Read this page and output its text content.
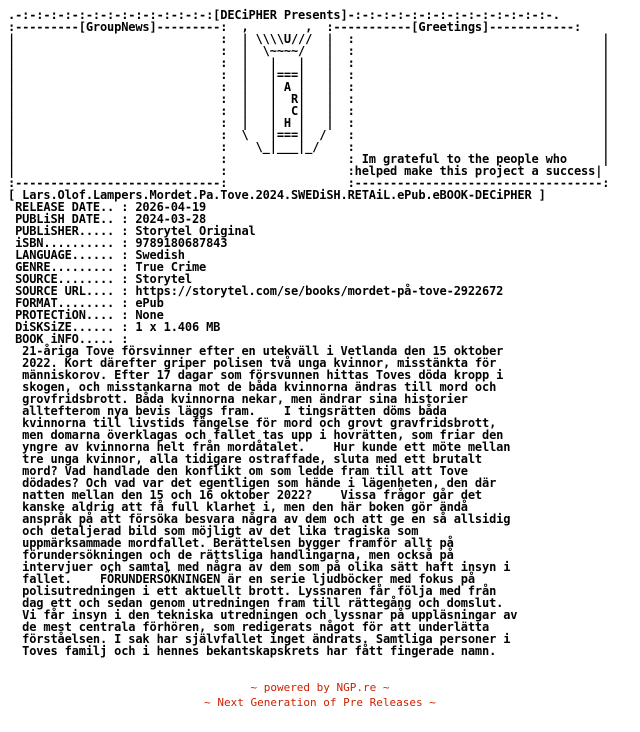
.-:-:-:-:-:-:-:-:-:-:-:-:-:-:[DECiPHER Presents]-:-:-:-:-:-:-:-:-:-:-:-:-:-:-.
:---------[GroupNews]---------:  ,        ,  :-----------[Greetings]------------:
|                             :  | \\\\U///  |  :                                   |
|                             :  |  \~~~~/   |  :                                   |
|                             :  |   |   |   |  :                                   |
|                             :  |   |===|   |  :                                   |
|                             :  |   | A |   |  :                                   |
|                             :  |   |  R|   |  :                                   |
|                             :  |   |  C|   |  :                                   |
|                             :  |   | H |   |  :                                   |
|                             :  \   |===|  /   :                                   |
|                             :    \_|___|_/    :                                   |
|                             :                 : Im grateful to the people who     |
|                             :                 :helped make this project a success|
:-----------------------------:                 :-----------------------------------:
[ Lars.Olof.Lampers.Mordet.Pa.Tove.2024.SWEDiSH.RETAiL.ePub.eBOOK-DECiPHER ]
RELEASE DATE.. : 2026-04-19
PUBLiSH DATE.. : 2024-03-28
PUBLiSHER..... : Storytel Original
iSBN.......... : 9789180687843
LANGUAGE...... : Swedish
GENRE......... : True Crime
SOURCE........ : Storytel
SOURCE URL.... : https://storytel.com/se/books/mordet-på-tove-2922672
FORMAT........ : ePub
PROTECTiON.... : None
DiSKSiZE...... : 1 x 1.406 MB
BOOK iNFO..... :
21-åriga Tove försvinner efter en utekväll i Vetlanda den 15 oktober
2022. Kort därefter griper polisen två unga kvinnor, misstänkta för
människorov. Efter 17 dagar som försvunnen hittas Toves döda kropp i
skogen, och misstankarna mot de båda kvinnorna ändras till mord och
grovfridsbrott. Båda kvinnorna nekar, men ändrar sina historier
alltefterom nya bevis läggs fram.    I tingsrätten döms båda
kvinnorna till livstids fängelse för mord och grovt gravfridsbrott,
men domarna överklagas och fallet tas upp i hovrätten, som friar den
yngre av kvinnorna helt från mordåtalet.    Hur kunde ett möte mellan
tre unga kvinnor, alla tidigare ostraffade, sluta med ett brutalt
mord? Vad handlade den konflikt om som ledde fram till att Tove
dödades? Och vad var det egentligen som hände i lägenheten, den där
natten mellan den 15 och 16 oktober 2022?    Vissa frågor går det
kanske aldrig att få full klarhet i, men den här boken gör ändå
anspråk på att försöka besvara några av dem och att ge en så allsidig
och detaljerad bild som möjligt av det lika tragiska som
uppmärksammade mordfallet. Berättelsen bygger framför allt på
förundersökningen och de rättsliga handlingarna, men också på
intervjuer och samtal med några av dem som på olika sätt haft insyn i
fallet.    FÖRUNDERSÖKNINGEN är en serie ljudböcker med fokus på
polisutredningen i ett aktuellt brott. Lyssnaren får följa med från
dag ett och sedan genom utredningen fram till rättegång och domslut.
Vi får insyn i den tekniska utredningen och lyssnar på uppläsningar av
de mest centrala förhören, som redigerats något för att underlätta
förståelsen. I sak har självfallet inget ändrats. Samtliga personer i
Toves familj och i hennes bekantskapskrets har fått fingerade namn.
~ powered by NGP.re ~
~ Next Generation of Pre Releases ~
